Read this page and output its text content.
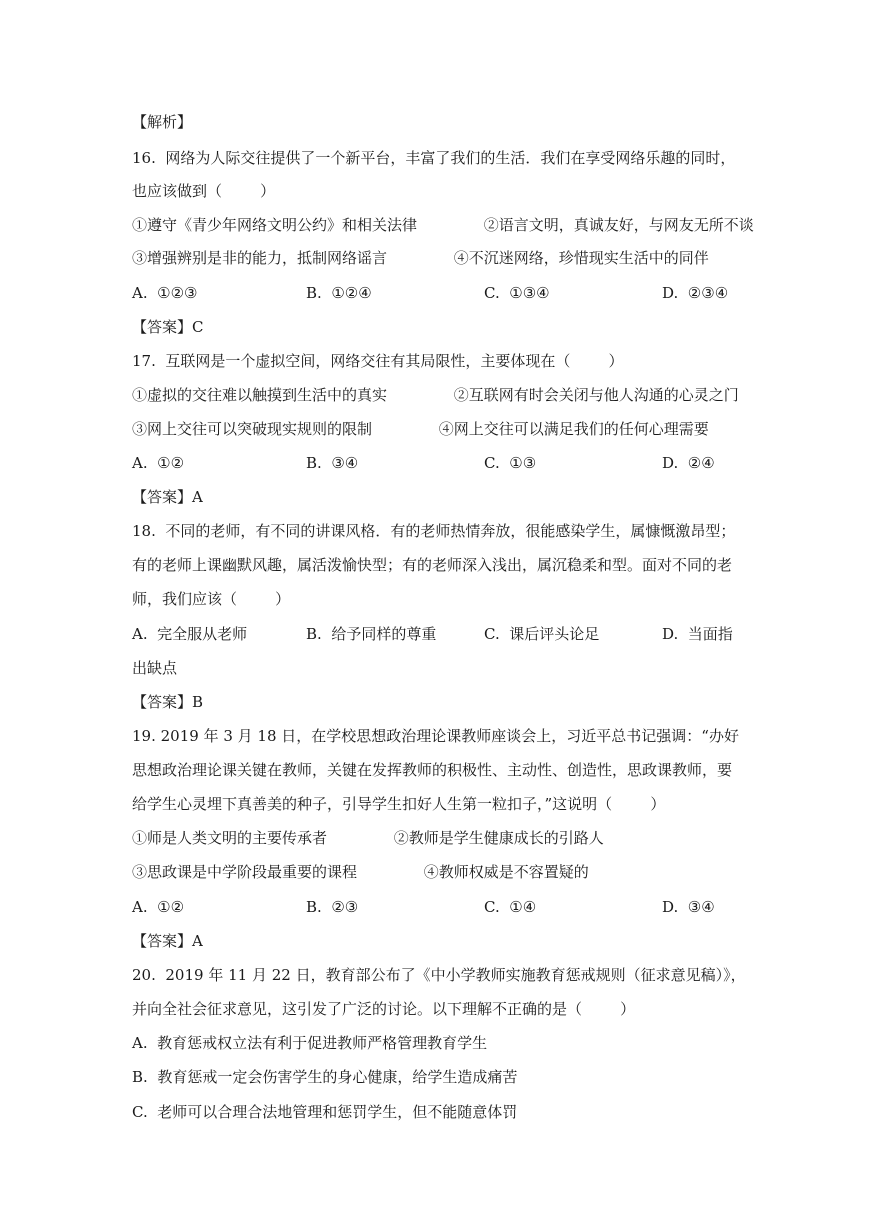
【解析】
16.  网络为人际交往提供了一个新平台，丰富了我们的生活．我们在享受网络乐趣的同时，
也应该做到（        ）
①遵守《青少年网络文明公约》和相关法律              ②语言文明，真诚友好，与网友无所不谈
③增强辨别是非的能力，抵制网络谣言              ④不沉迷网络，珍惜现实生活中的同伴
A.  ①②③	B.  ①②④	C.  ①③④	D.  ②③④
【答案】C
17.  互联网是一个虚拟空间，网络交往有其局限性，主要体现在（        ）
①虚拟的交往难以触摸到生活中的真实              ②互联网有时会关闭与他人沟通的心灵之门
③网上交往可以突破现实规则的限制              ④网上交往可以满足我们的任何心理需要
A.  ①②	B.  ③④	C.  ①③	D.  ②④
【答案】A
18.  不同的老师，有不同的讲课风格．有的老师热情奔放，很能感染学生，属慷慨激昂型；
有的老师上课幽默风趣，属活泼愉快型；有的老师深入浅出，属沉稳柔和型。面对不同的老
师，我们应该（        ）
A.  完全服从老师	B.  给予同样的尊重	C.  课后评头论足	D.  当面指
出缺点
【答案】B
19. 2019 年 3 月 18 日，在学校思想政治理论课教师座谈会上，习近平总书记强调：“办好
思想政治理论课关键在教师，关键在发挥教师的积极性、主动性、创造性，思政课教师，要
给学生心灵埋下真善美的种子，引导学生扣好人生第一粒扣子，”这说明（        ）
①师是人类文明的主要传承者              ②教师是学生健康成长的引路人
③思政课是中学阶段最重要的课程              ④教师权威是不容置疑的
A.  ①②	B.  ②③	C.  ①④	D.  ③④
【答案】A
20.  2019 年 11 月 22 日，教育部公布了《中小学教师实施教育惩戒规则（征求意见稿）》，
并向全社会征求意见，这引发了广泛的讨论。以下理解不正确的是（        ）
A.  教育惩戒权立法有利于促进教师严格管理教育学生
B.  教育惩戒一定会伤害学生的身心健康，给学生造成痛苦
C.  老师可以合理合法地管理和惩罚学生，但不能随意体罚
